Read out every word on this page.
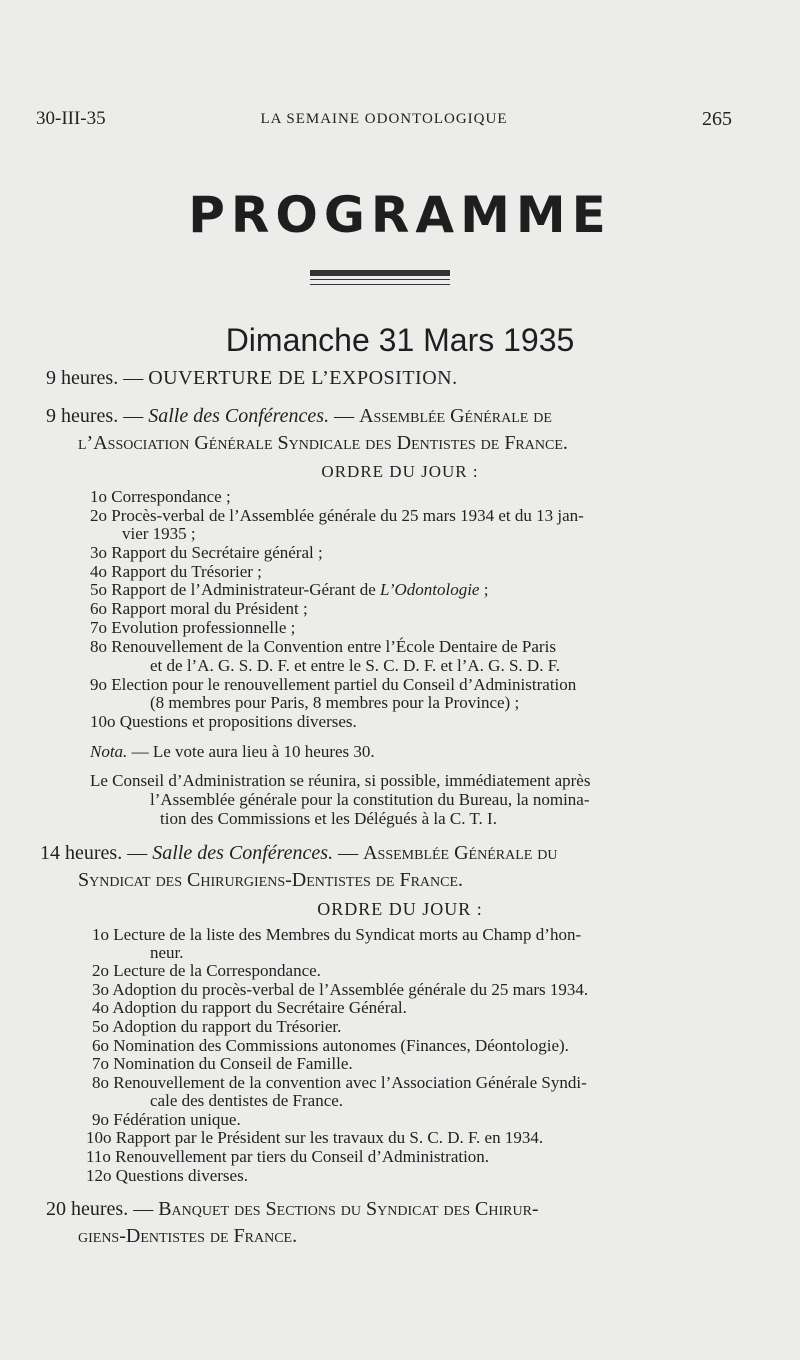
30-III-35	LA SEMAINE ODONTOLOGIQUE	265
PROGRAMME
Dimanche 31 Mars 1935
9 heures. — OUVERTURE DE L’EXPOSITION.
9 heures. — Salle des Conférences. — Assemblée Générale de
l’Association Générale Syndicale des Dentistes de France.
ORDRE DU JOUR :
1o Correspondance ;
2o Procès-verbal de l’Assemblée générale du 25 mars 1934 et du 13 jan-
vier 1935 ;
3o Rapport du Secrétaire général ;
4o Rapport du Trésorier ;
5o Rapport de l’Administrateur-Gérant de L’Odontologie ;
6o Rapport moral du Président ;
7o Evolution professionnelle ;
8o Renouvellement de la Convention entre l’École Dentaire de Paris
et de l’A. G. S. D. F. et entre le S. C. D. F. et l’A. G. S. D. F.
9o Election pour le renouvellement partiel du Conseil d’Administration
(8 membres pour Paris, 8 membres pour la Province) ;
10o Questions et propositions diverses.
Nota. — Le vote aura lieu à 10 heures 30.
Le Conseil d’Administration se réunira, si possible, immédiatement après
l’Assemblée générale pour la constitution du Bureau, la nomina-
tion des Commissions et les Délégués à la C. T. I.
14 heures. — Salle des Conférences. — Assemblée Générale du
Syndicat des Chirurgiens-Dentistes de France.
ORDRE DU JOUR :
1o Lecture de la liste des Membres du Syndicat morts au Champ d’hon-
neur.
2o Lecture de la Correspondance.
3o Adoption du procès-verbal de l’Assemblée générale du 25 mars 1934.
4o Adoption du rapport du Secrétaire Général.
5o Adoption du rapport du Trésorier.
6o Nomination des Commissions autonomes (Finances, Déontologie).
7o Nomination du Conseil de Famille.
8o Renouvellement de la convention avec l’Association Générale Syndi-
cale des dentistes de France.
9o Fédération unique.
10o Rapport par le Président sur les travaux du S. C. D. F. en 1934.
11o Renouvellement par tiers du Conseil d’Administration.
12o Questions diverses.
20 heures. — Banquet des Sections du Syndicat des Chirur-
giens-Dentistes de France.
